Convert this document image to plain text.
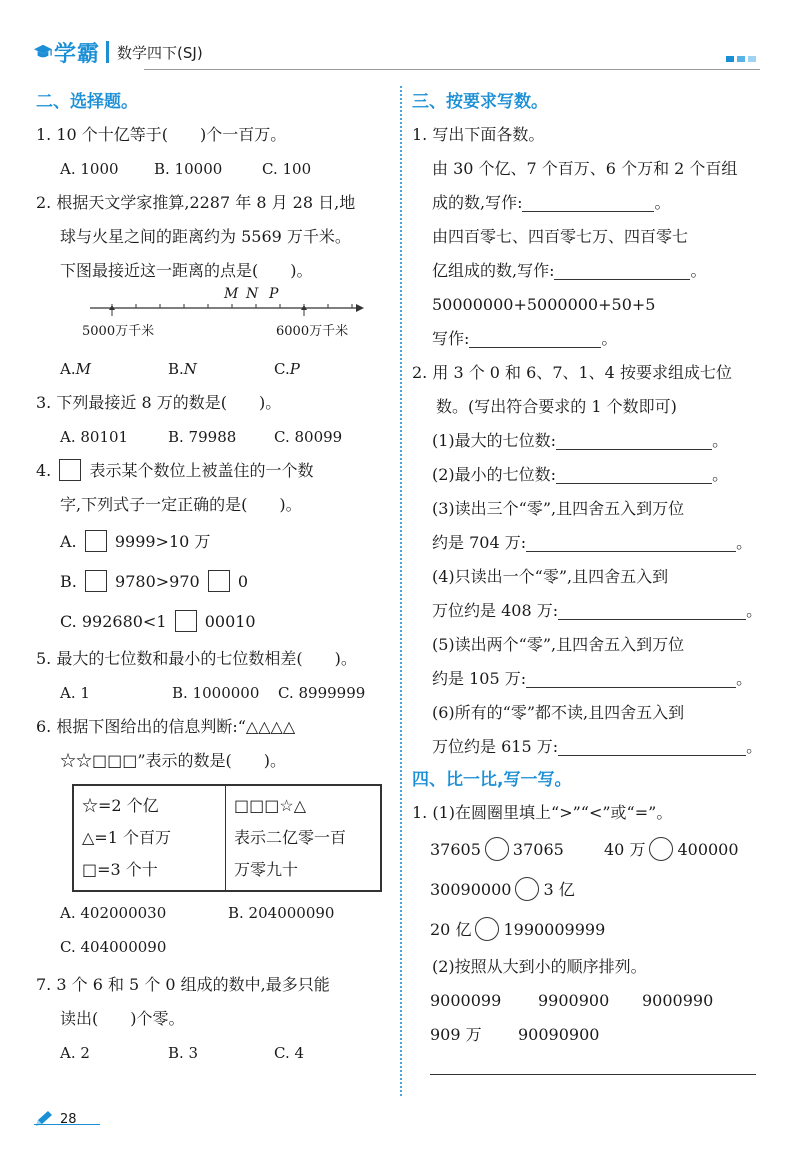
学霸 数学四下(SJ)
二、选择题。
1. 10 个十亿等于(　　)个一百万。
A. 1000	B. 10000	C. 100
2. 根据天文学家推算,2287 年 8 月 28 日,地
球与火星之间的距离约为 5569 万千米。
下图最接近这一距离的点是(　　)。
M N P
5000万千米	6000万千米
A.M	B.N	C.P
3. 下列最接近 8 万的数是(　　)。
A. 80101	B. 79988	C. 80099
4.  表示某个数位上被盖住的一个数
字,下列式子一定正确的是(　　)。
A. 9999>10 万
B. 9780>970 0
C. 992680<1 00010
5. 最大的七位数和最小的七位数相差(　　)。
A. 1	B. 1000000	C. 8999999
6. 根据下图给出的信息判断:“△△△△
☆☆□□□”表示的数是(　　)。
☆=2 个亿
△=1 个百万
□=3 个十
□□□☆△
表示二亿零一百
万零九十
A. 402000030	B. 204000090
C. 404000090
7. 3 个 6 和 5 个 0 组成的数中,最多只能
读出(　　)个零。
A. 2	B. 3	C. 4
三、按要求写数。
1. 写出下面各数。
由 30 个亿、7 个百万、6 个万和 2 个百组
成的数,写作:	。
由四百零七、四百零七万、四百零七
亿组成的数,写作:	。
50000000+5000000+50+5
写作:	。
2. 用 3 个 0 和 6、7、1、4 按要求组成七位
数。(写出符合要求的 1 个数即可)
(1)最大的七位数:	。
(2)最小的七位数:	。
(3)读出三个“零”,且四舍五入到万位
约是 704 万:	。
(4)只读出一个“零”,且四舍五入到
万位约是 408 万:	。
(5)读出两个“零”,且四舍五入到万位
约是 105 万:	。
(6)所有的“零”都不读,且四舍五入到
万位约是 615 万:	。
四、比一比,写一写。
1. (1)在圆圈里填上“>”“<”或“=”。
37605 37065	40 万 400000
30090000 3 亿
20 亿 1990009999
(2)按照从大到小的顺序排列。
9000099 9900900 9000990
909 万 90090900
28
